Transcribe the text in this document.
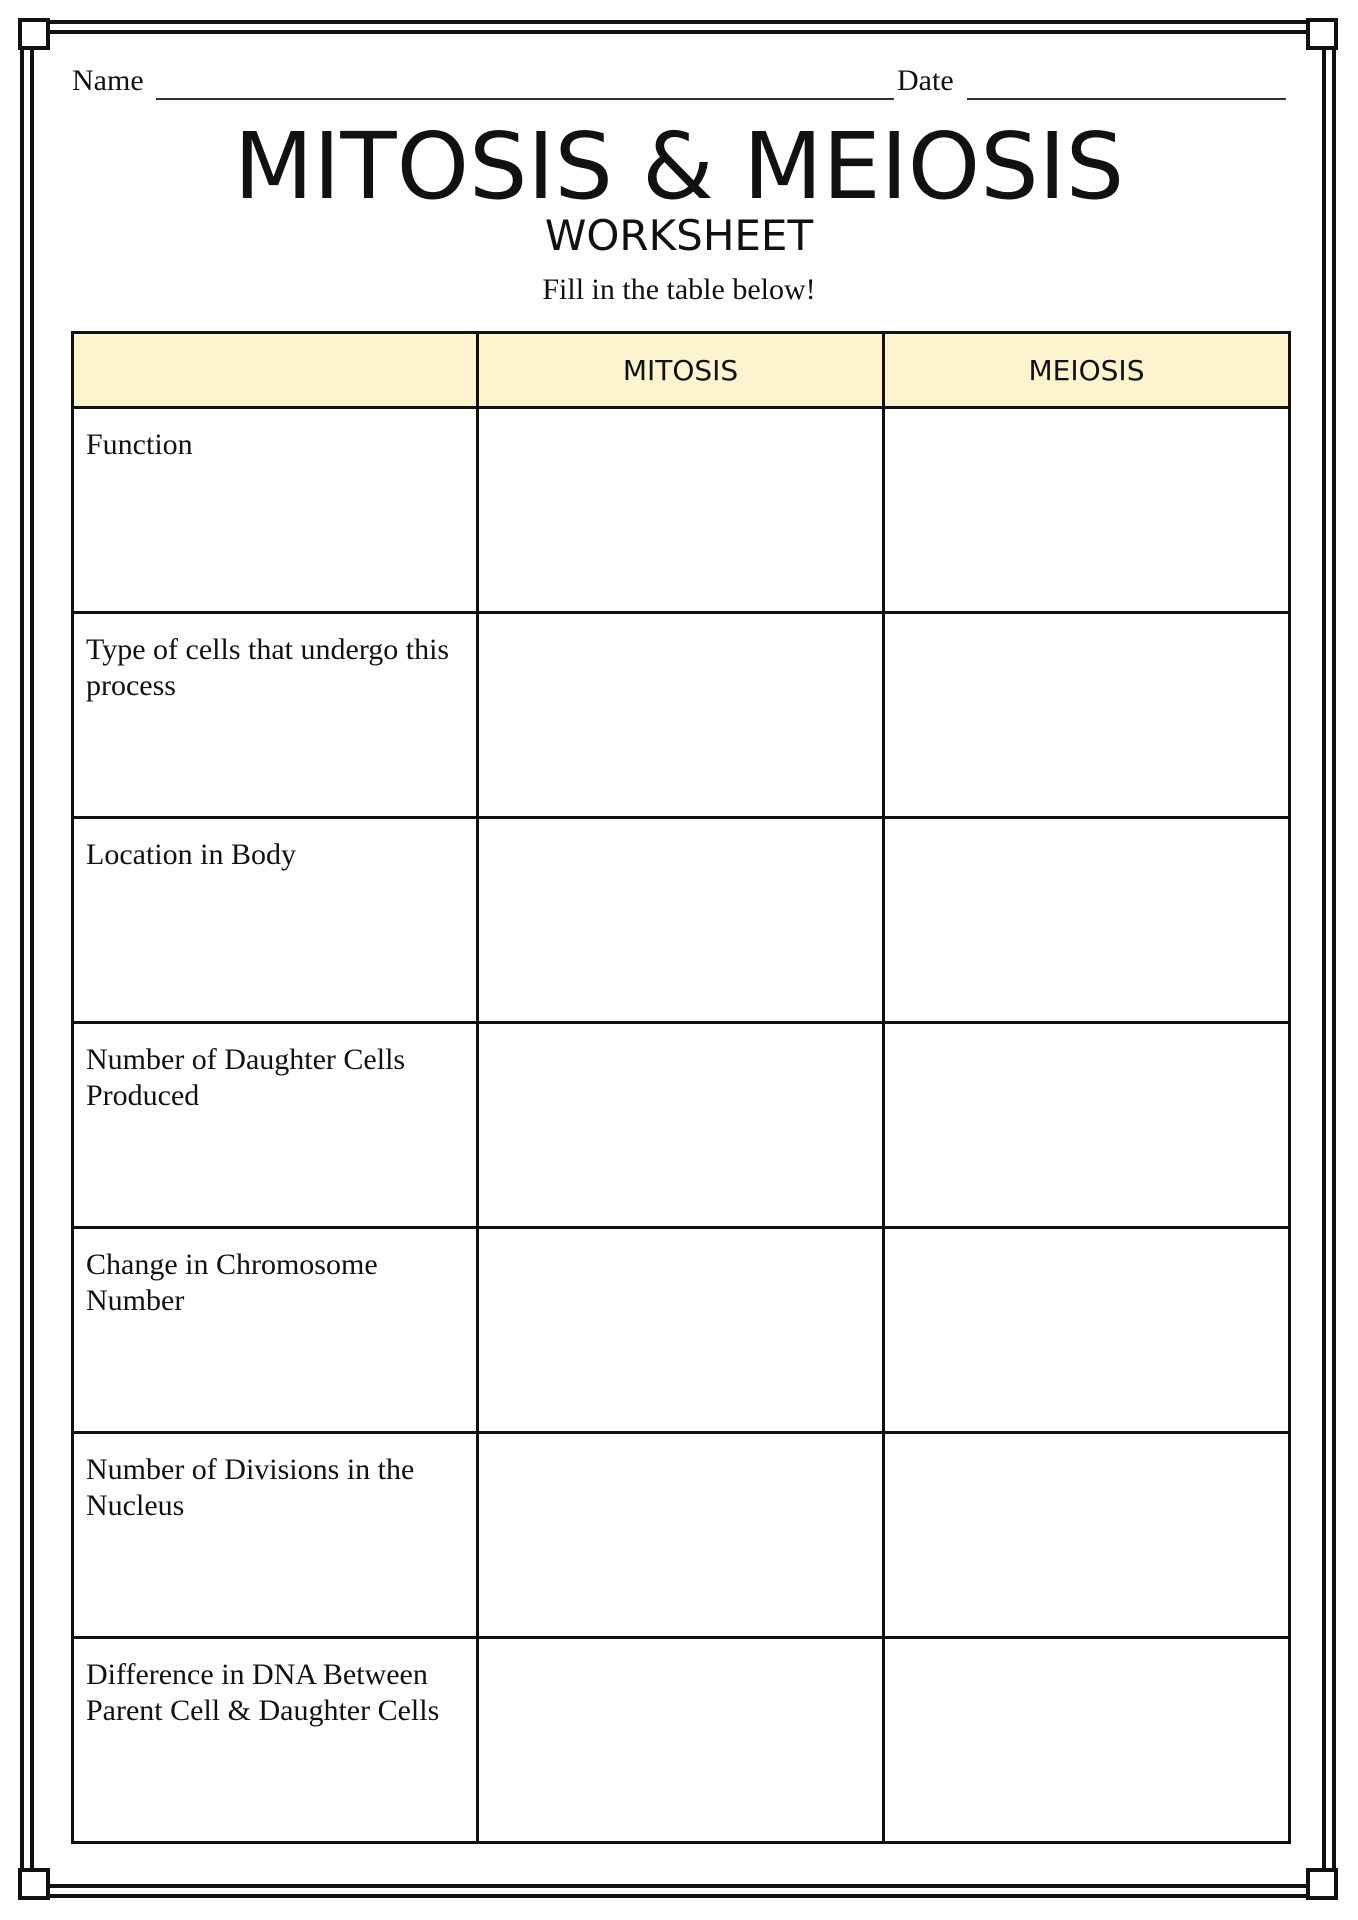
Name	Date
MITOSIS & MEIOSIS
WORKSHEET
Fill in the table below!
	MITOSIS	MEIOSIS
Function		
Type of cells that undergo this process		
Location in Body		
Number of Daughter Cells Produced		
Change in Chromosome Number		
Number of Divisions in the Nucleus		
Difference in DNA Between Parent Cell & Daughter Cells		
